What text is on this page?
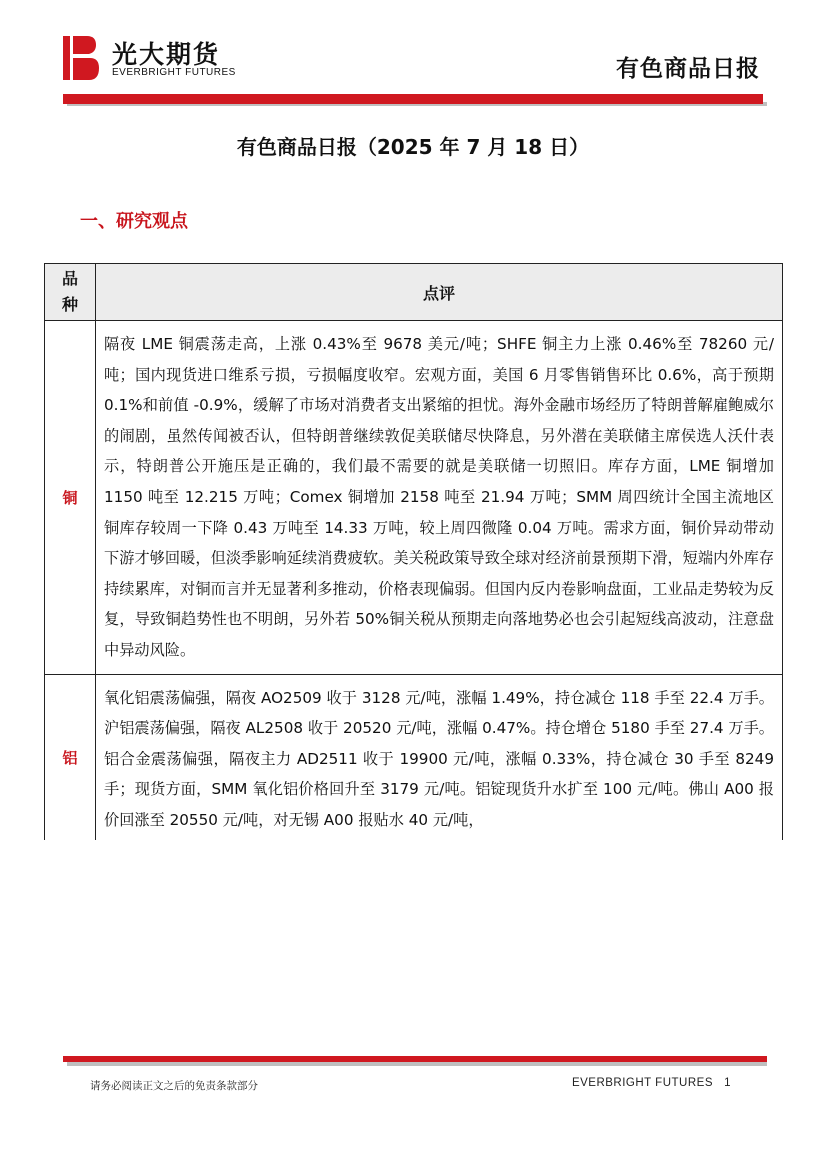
光大期货
EVERBRIGHT FUTURES	有色商品日报
有色商品日报（2025 年 7 月 18 日）
一、研究观点
品
种	点评
铜	隔夜 LME 铜震荡走高，上涨 0.43%至 9678 美元/吨；SHFE 铜主力上涨 0.46%至 78260 元/吨；国内现货进口维系亏损，亏损幅度收窄。宏观方面，美国 6 月零售销售环比 0.6%，高于预期 0.1%和前值 -0.9%，缓解了市场对消费者支出紧缩的担忧。海外金融市场经历了特朗普解雇鲍威尔的闹剧，虽然传闻被否认，但特朗普继续敦促美联储尽快降息，另外潜在美联储主席侯选人沃什表示，特朗普公开施压是正确的，我们最不需要的就是美联储一切照旧。库存方面，LME 铜增加 1150 吨至 12.215 万吨；Comex 铜增加 2158 吨至 21.94 万吨；SMM 周四统计全国主流地区铜库存较周一下降 0.43 万吨至 14.33 万吨，较上周四微隆 0.04 万吨。需求方面，铜价异动带动下游才够回暖，但淡季影响延续消费疲软。美关税政策导致全球对经济前景预期下滑，短端内外库存持续累库，对铜而言并无显著利多推动，价格表现偏弱。但国内反内卷影响盘面，工业品走势较为反复，导致铜趋势性也不明朗，另外若 50%铜关税从预期走向落地势必也会引起短线高波动，注意盘中异动风险。

铝	氧化铝震荡偏强，隔夜 AO2509 收于 3128 元/吨，涨幅 1.49%，持仓减仓 118 手至 22.4 万手。沪铝震荡偏强，隔夜 AL2508 收于 20520 元/吨，涨幅 0.47%。持仓增仓 5180 手至 27.4 万手。铝合金震荡偏强，隔夜主力 AD2511 收于 19900 元/吨，涨幅 0.33%，持仓减仓 30 手至 8249 手；现货方面，SMM 氧化铝价格回升至 3179 元/吨。铝锭现货升水扩至 100 元/吨。佛山 A00 报价回涨至 20550 元/吨，对无锡 A00 报贴水 40 元/吨，

请务必阅读正文之后的免责条款部分	EVERBRIGHT FUTURES 1
